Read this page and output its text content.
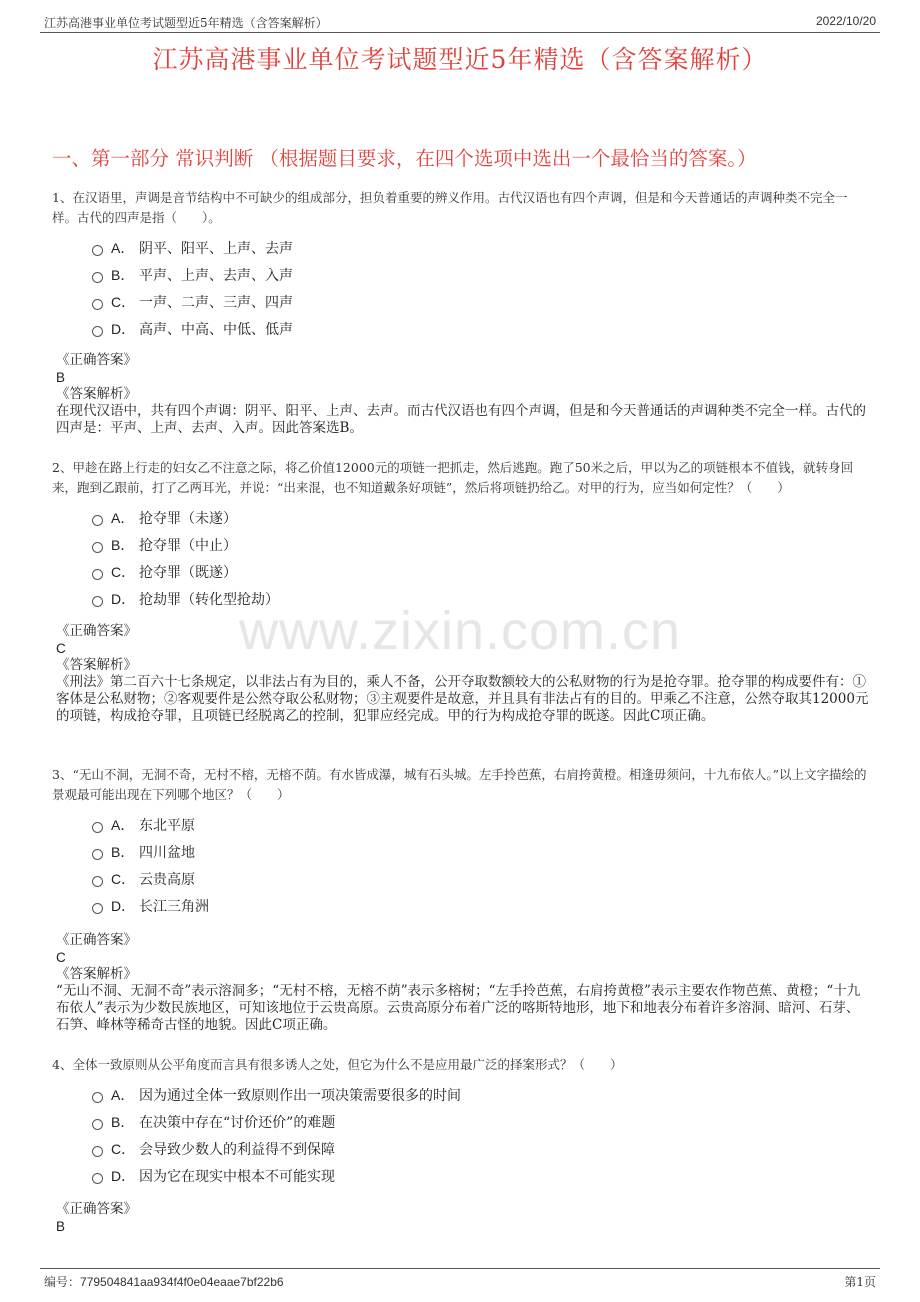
江苏高港事业单位考试题型近5年精选（含答案解析）	2022/10/20
江苏高港事业单位考试题型近5年精选（含答案解析）
一、第一部分 常识判断 （根据题目要求，在四个选项中选出一个最恰当的答案。）
www.zixin.com.cn

1、在汉语里，声调是音节结构中不可缺少的组成部分，担负着重要的辨义作用。古代汉语也有四个声调，但是和今天普通话的声调种类不完全一样。古代的四声是指（　　）。

A． 阴平、阳平、上声、去声
B． 平声、上声、去声、入声
C． 一声、二声、三声、四声
D． 高声、中高、中低、低声

《正确答案》

B

《答案解析》

在现代汉语中，共有四个声调：阴平、阳平、上声、去声。而古代汉语也有四个声调，但是和今天普通话的声调种类不完全一样。古代的四声是：平声、上声、去声、入声。因此答案选B。

2、甲趁在路上行走的妇女乙不注意之际，将乙价值12000元的项链一把抓走，然后逃跑。跑了50米之后，甲以为乙的项链根本不值钱，就转身回来，跑到乙跟前，打了乙两耳光，并说：“出来混，也不知道戴条好项链”，然后将项链扔给乙。对甲的行为，应当如何定性？（　　）

A． 抢夺罪（未遂）
B． 抢夺罪（中止）
C． 抢夺罪（既遂）
D． 抢劫罪（转化型抢劫）

《正确答案》

C

《答案解析》

《刑法》第二百六十七条规定，以非法占有为目的，乘人不备，公开夺取数额较大的公私财物的行为是抢夺罪。抢夺罪的构成要件有：①客体是公私财物；②客观要件是公然夺取公私财物；③主观要件是故意，并且具有非法占有的目的。甲乘乙不注意，公然夺取其12000元的项链，构成抢夺罪，且项链已经脱离乙的控制，犯罪应经完成。甲的行为构成抢夺罪的既遂。因此C项正确。

3、“无山不洞，无洞不奇，无村不榕，无榕不荫。有水皆成瀑，城有石头城。左手拎芭蕉，右肩挎黄橙。相逢毋须问，十九布依人。”以上文字描绘的景观最可能出现在下列哪个地区？（　　）

A． 东北平原
B． 四川盆地
C． 云贵高原
D． 长江三角洲

《正确答案》

C

《答案解析》

“无山不洞、无洞不奇”表示溶洞多；“无村不榕，无榕不荫”表示多榕树；“左手拎芭蕉，右肩挎黄橙”表示主要农作物芭蕉、黄橙；“十九布依人”表示为少数民族地区，可知该地位于云贵高原。云贵高原分布着广泛的喀斯特地形，地下和地表分布着许多溶洞、暗河、石芽、石笋、峰林等稀奇古怪的地貌。因此C项正确。

4、全体一致原则从公平角度而言具有很多诱人之处，但它为什么不是应用最广泛的择案形式？（　　）

A． 因为通过全体一致原则作出一项决策需要很多的时间
B． 在决策中存在“讨价还价”的难题
C． 会导致少数人的利益得不到保障
D． 因为它在现实中根本不可能实现

《正确答案》

B

编号：779504841aa934f4f0e04eaae7bf22b6	第1页
